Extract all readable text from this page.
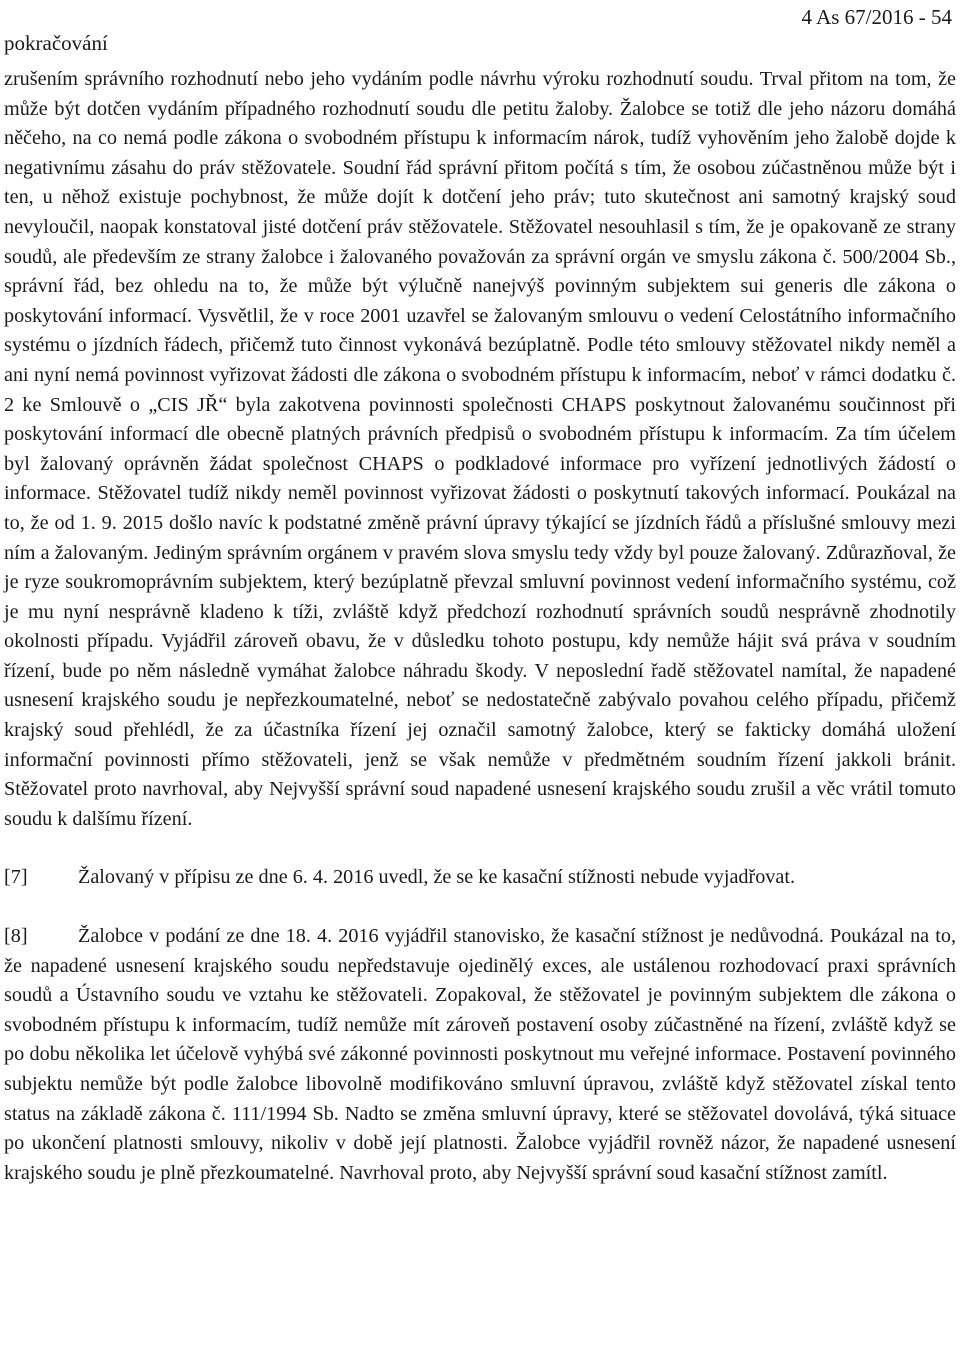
pokračování
4 As 67/2016 - 54

zrušením správního rozhodnutí nebo jeho vydáním podle návrhu výroku rozhodnutí soudu. Trval přitom na tom, že může být dotčen vydáním případného rozhodnutí soudu dle petitu žaloby. Žalobce se totiž dle jeho názoru domáhá něčeho, na co nemá podle zákona o svobodném přístupu k informacím nárok, tudíž vyhověním jeho žalobě dojde k negativnímu zásahu do práv stěžovatele. Soudní řád správní přitom počítá s tím, že osobou zúčastněnou může být i ten, u něhož existuje pochybnost, že může dojít k dotčení jeho práv; tuto skutečnost ani samotný krajský soud nevyloučil, naopak konstatoval jisté dotčení práv stěžovatele. Stěžovatel nesouhlasil s tím, že je opakovaně ze strany soudů, ale především ze strany žalobce i žalovaného považován za správní orgán ve smyslu zákona č. 500/2004 Sb., správní řád, bez ohledu na to, že může být výlučně nanejvýš povinným subjektem sui generis dle zákona o poskytování informací. Vysvětlil, že v roce 2001 uzavřel se žalovaným smlouvu o vedení Celostátního informačního systému o jízdních řádech, přičemž tuto činnost vykonává bezúplatně. Podle této smlouvy stěžovatel nikdy neměl a ani nyní nemá povinnost vyřizovat žádosti dle zákona o svobodném přístupu k informacím, neboť v rámci dodatku č. 2 ke Smlouvě o „CIS JŘ“ byla zakotvena povinnosti společnosti CHAPS poskytnout žalovanému součinnost při poskytování informací dle obecně platných právních předpisů o svobodném přístupu k informacím. Za tím účelem byl žalovaný oprávněn žádat společnost CHAPS o podkladové informace pro vyřízení jednotlivých žádostí o informace. Stěžovatel tudíž nikdy neměl povinnost vyřizovat žádosti o poskytnutí takových informací. Poukázal na to, že od 1. 9. 2015 došlo navíc k podstatné změně právní úpravy týkající se jízdních řádů a příslušné smlouvy mezi ním a žalovaným. Jediným správním orgánem v pravém slova smyslu tedy vždy byl pouze žalovaný. Zdůrazňoval, že je ryze soukromoprávním subjektem, který bezúplatně převzal smluvní povinnost vedení informačního systému, což je mu nyní nesprávně kladeno k tíži, zvláště když předchozí rozhodnutí správních soudů nesprávně zhodnotily okolnosti případu. Vyjádřil zároveň obavu, že v důsledku tohoto postupu, kdy nemůže hájit svá práva v soudním řízení, bude po něm následně vymáhat žalobce náhradu škody. V neposlední řadě stěžovatel namítal, že napadené usnesení krajského soudu je nepřezkoumatelné, neboť se nedostatečně zabývalo povahou celého případu, přičemž krajský soud přehlédl, že za účastníka řízení jej označil samotný žalobce, který se fakticky domáhá uložení informační povinnosti přímo stěžovateli, jenž se však nemůže v předmětném soudním řízení jakkoli bránit. Stěžovatel proto navrhoval, aby Nejvyšší správní soud napadené usnesení krajského soudu zrušil a věc vrátil tomuto soudu k dalšímu řízení.

[7] Žalovaný v přípisu ze dne 6. 4. 2016 uvedl, že se ke kasační stížnosti nebude vyjadřovat.

[8] Žalobce v podání ze dne 18. 4. 2016 vyjádřil stanovisko, že kasační stížnost je nedůvodná. Poukázal na to, že napadené usnesení krajského soudu nepředstavuje ojedinělý exces, ale ustálenou rozhodovací praxi správních soudů a Ústavního soudu ve vztahu ke stěžovateli. Zopakoval, že stěžovatel je povinným subjektem dle zákona o svobodném přístupu k informacím, tudíž nemůže mít zároveň postavení osoby zúčastněné na řízení, zvláště když se po dobu několika let účelově vyhýbá své zákonné povinnosti poskytnout mu veřejné informace. Postavení povinného subjektu nemůže být podle žalobce libovolně modifikováno smluvní úpravou, zvláště když stěžovatel získal tento status na základě zákona č. 111/1994 Sb. Nadto se změna smluvní úpravy, které se stěžovatel dovolává, týká situace po ukončení platnosti smlouvy, nikoliv v době její platnosti. Žalobce vyjádřil rovněž názor, že napadené usnesení krajského soudu je plně přezkoumatelné. Navrhoval proto, aby Nejvyšší správní soud kasační stížnost zamítl.
